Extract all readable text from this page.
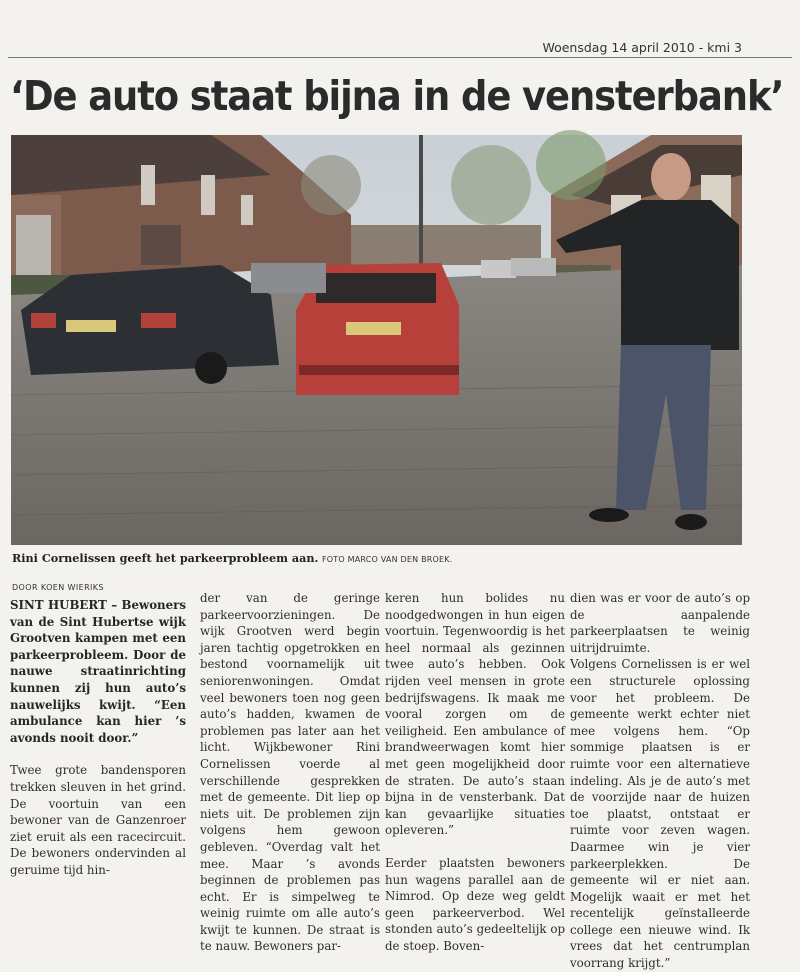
Woensdag 14 april 2010 - kmi 3
‘De auto staat bijna in de vensterbank’
Rini Cornelissen geeft het parkeerprobleem aan. FOTO MARCO VAN DEN BROEK.
DOOR KOEN WIERIKS

SINT HUBERT – Bewoners van de Sint Hubertse wijk Grootven kampen met een parkeerprobleem. Door de nauwe straatinrichting kunnen zij hun auto’s nauwelijks kwijt. “Een ambulance kan hier ’s avonds nooit door.”

Twee grote bandensporen trekken sleuven in het grind. De voortuin van een bewoner van de Ganzenroer ziet eruit als een racecircuit. De bewoners ondervinden al geruime tijd hin-

der van de geringe parkeervoorzieningen. De wijk Grootven werd begin jaren tachtig opgetrokken en bestond voornamelijk uit seniorenwoningen. Omdat veel bewoners toen nog geen auto’s hadden, kwamen de problemen pas later aan het licht. Wijkbewoner Rini Cornelissen voerde al verschillende gesprekken met de gemeente. Dit liep op niets uit. De problemen zijn volgens hem gewoon gebleven. “Overdag valt het mee. Maar ’s avonds beginnen de problemen pas echt. Er is simpelweg te weinig ruimte om alle auto’s kwijt te kunnen. De straat is te nauw. Bewoners par-

keren hun bolides nu noodgedwongen in hun eigen voortuin. Tegenwoordig is het heel normaal als gezinnen twee auto’s hebben. Ook rijden veel mensen in grote bedrijfswagens. Ik maak me vooral zorgen om de veiligheid. Een ambulance of brandweerwagen komt hier met geen mogelijkheid door de straten. De auto’s staan bijna in de vensterbank. Dat kan gevaarlijke situaties opleveren.”

Eerder plaatsten bewoners hun wagens parallel aan de Nimrod. Op deze weg geldt geen parkeerverbod. Wel stonden auto’s gedeeltelijk op de stoep. Boven-

dien was er voor de auto’s op de aanpalende parkeerplaatsen te weinig uitrijdruimte.

Volgens Cornelissen is er wel een structurele oplossing voor het probleem. De gemeente werkt echter niet mee volgens hem. “Op sommige plaatsen is er ruimte voor een alternatieve indeling. Als je de auto’s met de voorzijde naar de huizen toe plaatst, ontstaat er ruimte voor zeven wagen. Daarmee win je vier parkeerplekken. De gemeente wil er niet aan. Mogelijk waait er met het recentelijk geïnstalleerde college een nieuwe wind. Ik vrees dat het centrumplan voorrang krijgt.”
